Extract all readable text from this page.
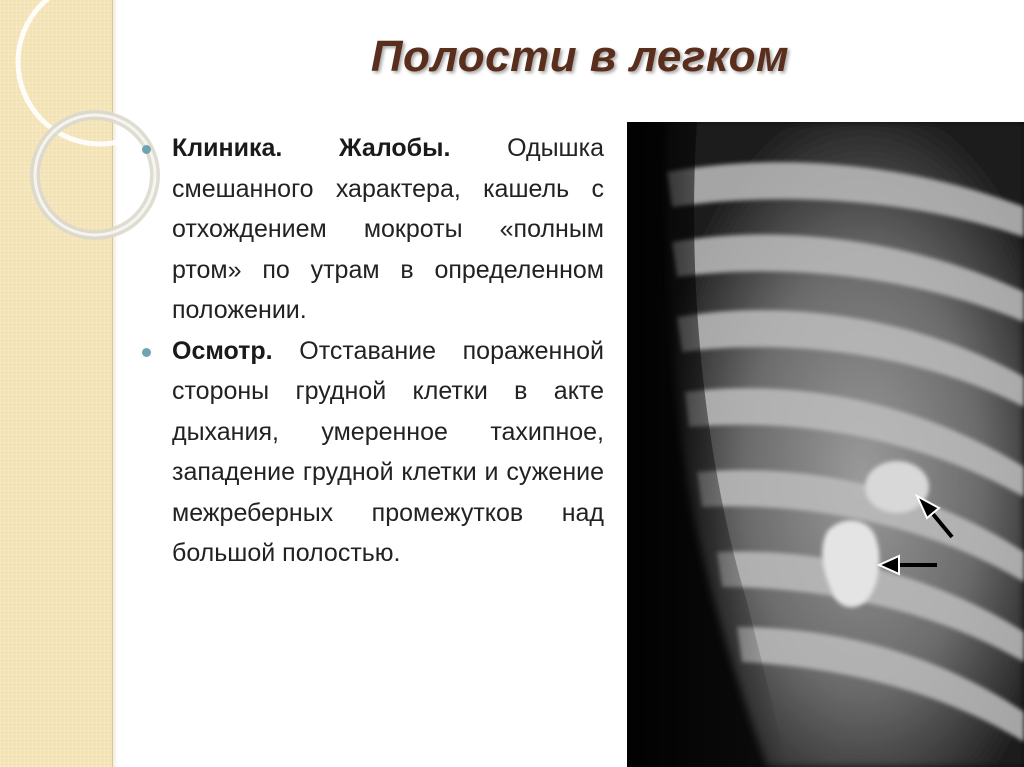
Полости в легком
Клиника. Жалобы. Одышка смешанного характера, кашель с отхождением мокроты «полным ртом» по утрам в определенном положении.
Осмотр. Отставание пораженной стороны грудной клетки в акте дыхания, умеренное тахипное, западение грудной клетки и сужение межреберных промежутков над большой полостью.
